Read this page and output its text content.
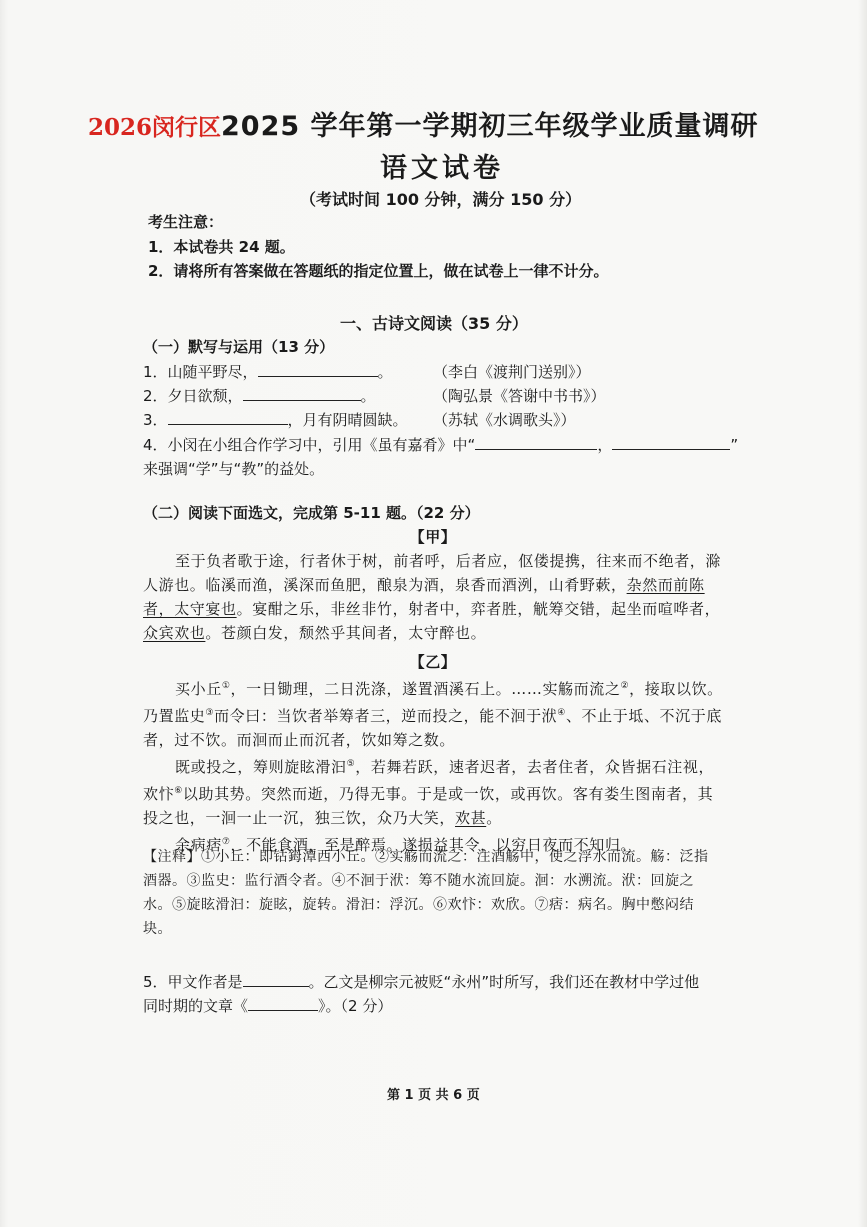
2026闵行区2025 学年第一学期初三年级学业质量调研
语文试卷
（考试时间 100 分钟，满分 150 分）
考生注意：
1．本试卷共 24 题。
2．请将所有答案做在答题纸的指定位置上，做在试卷上一律不计分。
一、古诗文阅读（35 分）
（一）默写与运用（13 分）
1．山随平野尽，	。	（李白《渡荆门送别》）
2．夕日欲颓，	。	（陶弘景《答谢中书书》）
3．	，月有阴晴圆缺。 （苏轼《水调歌头》）
4．小闵在小组合作学习中，引用《虽有嘉肴》中“	，	”
来强调“学”与“教”的益处。
（二）阅读下面选文，完成第 5-11 题。（22 分）
【甲】
至于负者歌于途，行者休于树，前者呼，后者应，伛偻提携，往来而不绝者，滁人游也。临溪而渔，溪深而鱼肥，酿泉为酒，泉香而酒洌，山肴野蔌，杂然而前陈者，太守宴也。宴酣之乐，非丝非竹，射者中，弈者胜，觥筹交错，起坐而喧哗者，众宾欢也。苍颜白发，颓然乎其间者，太守醉也。
【乙】
买小丘①，一日锄理，二日洗涤，遂置酒溪石上。……实觞而流之②，接取以饮。乃置监史③而令曰：当饮者举筹者三，逆而投之，能不洄于洑④、不止于坻、不沉于底者，过不饮。而洄而止而沉者，饮如筹之数。
既或投之，筹则旋眩滑汩⑤，若舞若跃，速者迟者，去者住者，众皆据石注视，欢忭⑥以助其势。突然而逝，乃得无事。于是或一饮，或再饮。客有娄生图南者，其投之也，一洄一止一沉，独三饮，众乃大笑，欢甚。
余病痞⑦，不能食酒，至是醉焉。遂损益其令，以穷日夜而不知归。
【注释】①小丘：即钴鉧潭西小丘。②实觞而流之：注酒觞中，使之浮水而流。觞：泛指酒器。③监史：监行酒令者。④不洄于洑：筹不随水流回旋。洄：水溯流。洑：回旋之水。⑤旋眩滑汩：旋眩，旋转。滑汩：浮沉。⑥欢忭：欢欣。⑦痞：病名。胸中憋闷结块。
5．甲文作者是	。乙文是柳宗元被贬“永州”时所写，我们还在教材中学过他
同时期的文章《	》。（2 分）
第 1 页 共 6 页
